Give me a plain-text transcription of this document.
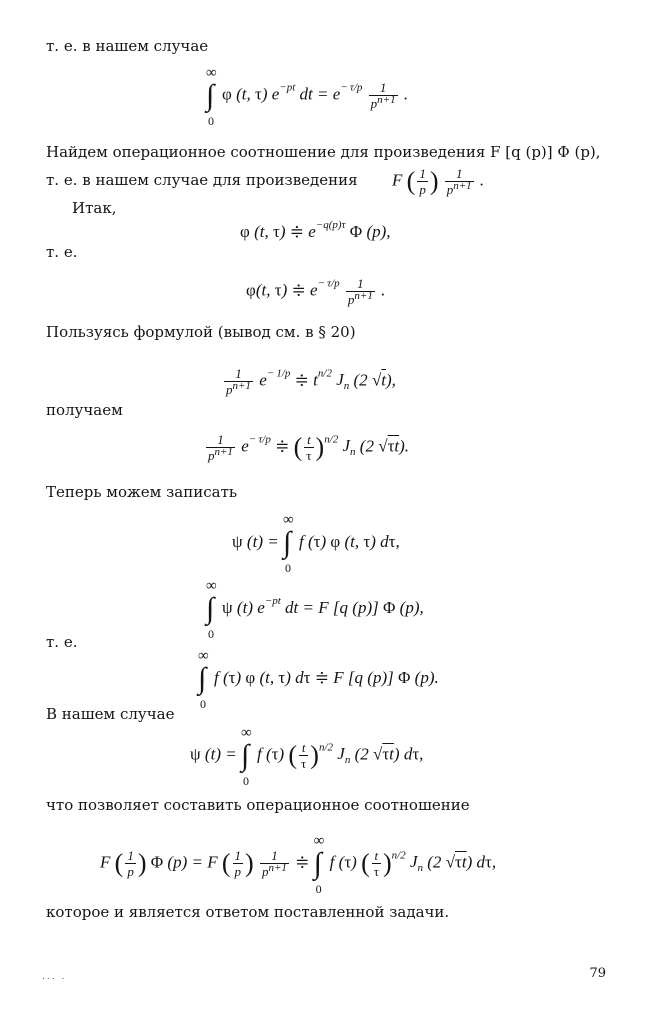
т. е. в нашем случае
∞
∫
0
φ (t, τ) $e^{-pt}$ dt = $e^{- \tau/p} \frac{1}{p^{n+1}}$ .
Найдем операционное соотношение для произведения F [q (p)] Φ (p),
т. е. в нашем случае для произведения F ( $\frac{1}{p}$ ) $\frac{1}{p^{n+1}}$ .
Итак,
φ (t, τ) ≑ $e^{-q(p)\tau}$ Φ (p),
т. е.
φ(t, τ) ≑ $e^{- \tau/p} \frac{1}{p^{n+1}}$ .
Пользуясь формулой (вывод см. в § 20)
$\frac{1}{p^{n+1}} e^{- 1/p}$ ≑ $t^{n/2}$ $J_n$ (2 √t),
получаем
$\frac{1}{p^{n+1}} e^{- \tau/p}$ ≑ ( $\frac{t}{\tau} )^{n/2}$ $J_n$ (2 √τt).
Теперь можем записать
ψ (t) =
∞
∫
0
f (τ) φ (t, τ) dτ,
∞
∫
0
ψ (t) $e^{-pt}$ dt = F [q (p)] Φ (p),
т. е.
∞
∫
0
f (τ) φ (t, τ) dτ ≑ F [q (p)] Φ (p).
В нашем случае
ψ (t) =
∞
∫
0
f (τ) ( $\frac{t}{\tau} )^{n/2}$ $J_n$ (2 √τt) dτ,
что позволяет составить операционное соотношение
F ( $\frac{1}{p}$ ) Φ (p) = F ( $\frac{1}{p}$ ) $\frac{1}{p^{n+1}}$ ≑
∞
∫
0
f (τ) ( $\frac{t}{\tau} )^{n/2}$ $J_n$ (2 √τt) dτ,
которое и является ответом поставленной задачи.
... .	79
